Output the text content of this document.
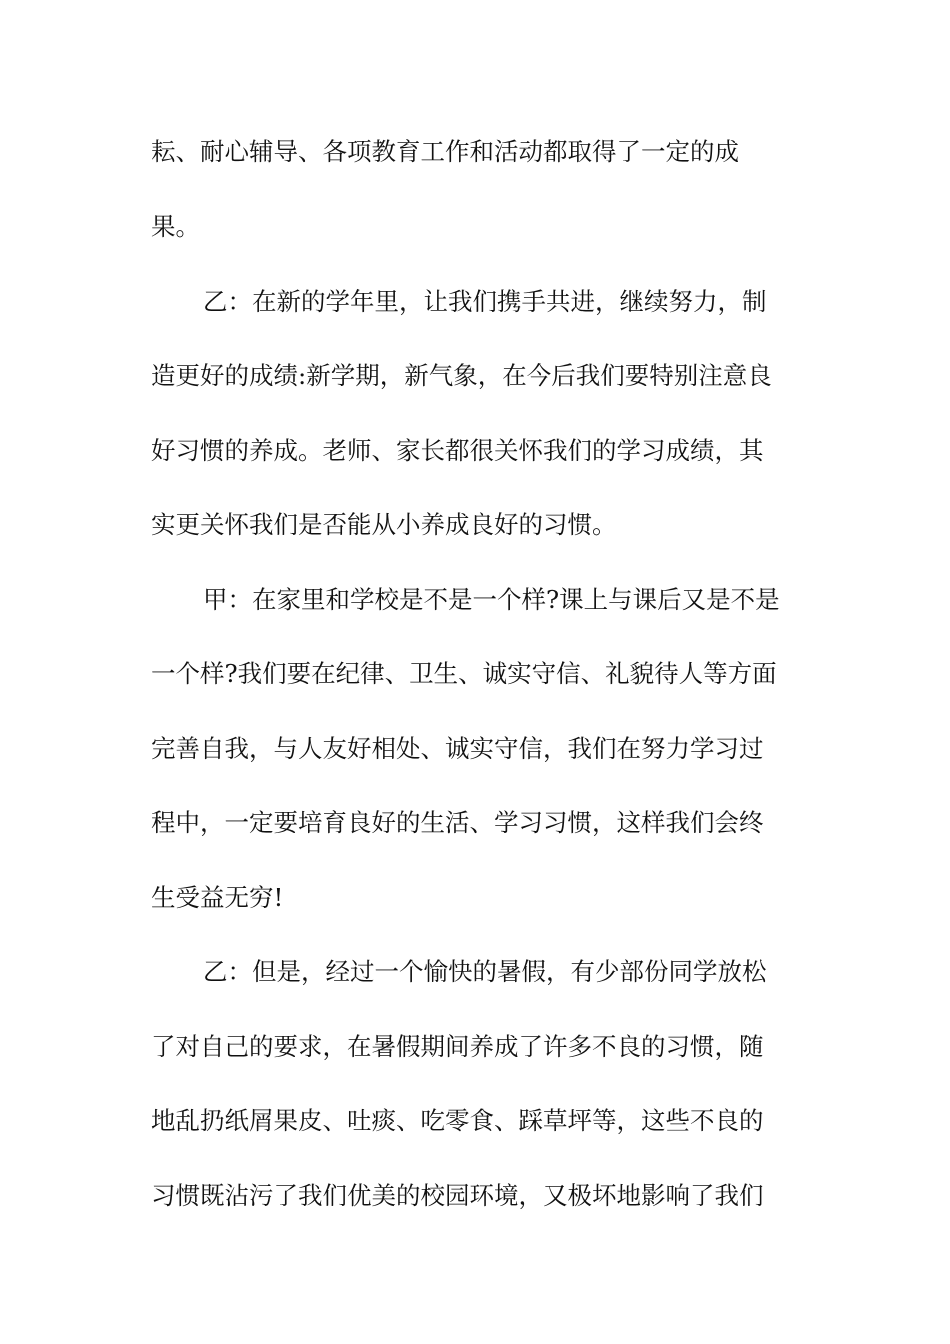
耘、耐心辅导、各项教育工作和活动都取得了一定的成
果。
乙：在新的学年里，让我们携手共进，继续努力，制
造更好的成绩:新学期，新气象，在今后我们要特别注意良
好习惯的养成。老师、家长都很关怀我们的学习成绩，其
实更关怀我们是否能从小养成良好的习惯。
甲：在家里和学校是不是一个样?课上与课后又是不是
一个样?我们要在纪律、卫生、诚实守信、礼貌待人等方面
完善自我，与人友好相处、诚实守信，我们在努力学习过
程中，一定要培育良好的生活、学习习惯，这样我们会终
生受益无穷!
乙：但是，经过一个愉快的暑假，有少部份同学放松
了对自己的要求，在暑假期间养成了许多不良的习惯，随
地乱扔纸屑果皮、吐痰、吃零食、踩草坪等，这些不良的
习惯既沾污了我们优美的校园环境，又极坏地影响了我们
